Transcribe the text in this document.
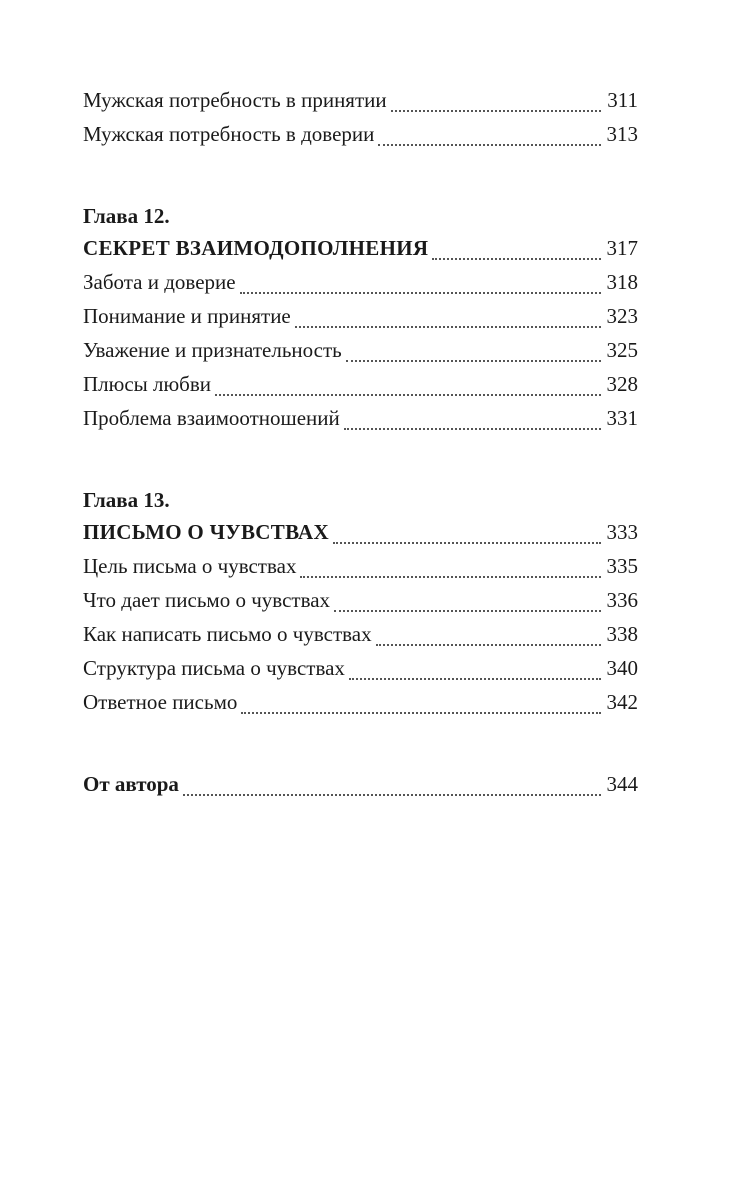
Мужская потребность в принятии	311
Мужская потребность в доверии	313
Глава 12.
СЕКРЕТ ВЗАИМОДОПОЛНЕНИЯ	317
Забота и доверие	318
Понимание и принятие	323
Уважение и признательность	325
Плюсы любви	328
Проблема взаимоотношений	331
Глава 13.
ПИСЬМО О ЧУВСТВАХ	333
Цель письма о чувствах	335
Что дает письмо о чувствах	336
Как написать письмо о чувствах	338
Структура письма о чувствах	340
Ответное письмо	342
От автора	344
